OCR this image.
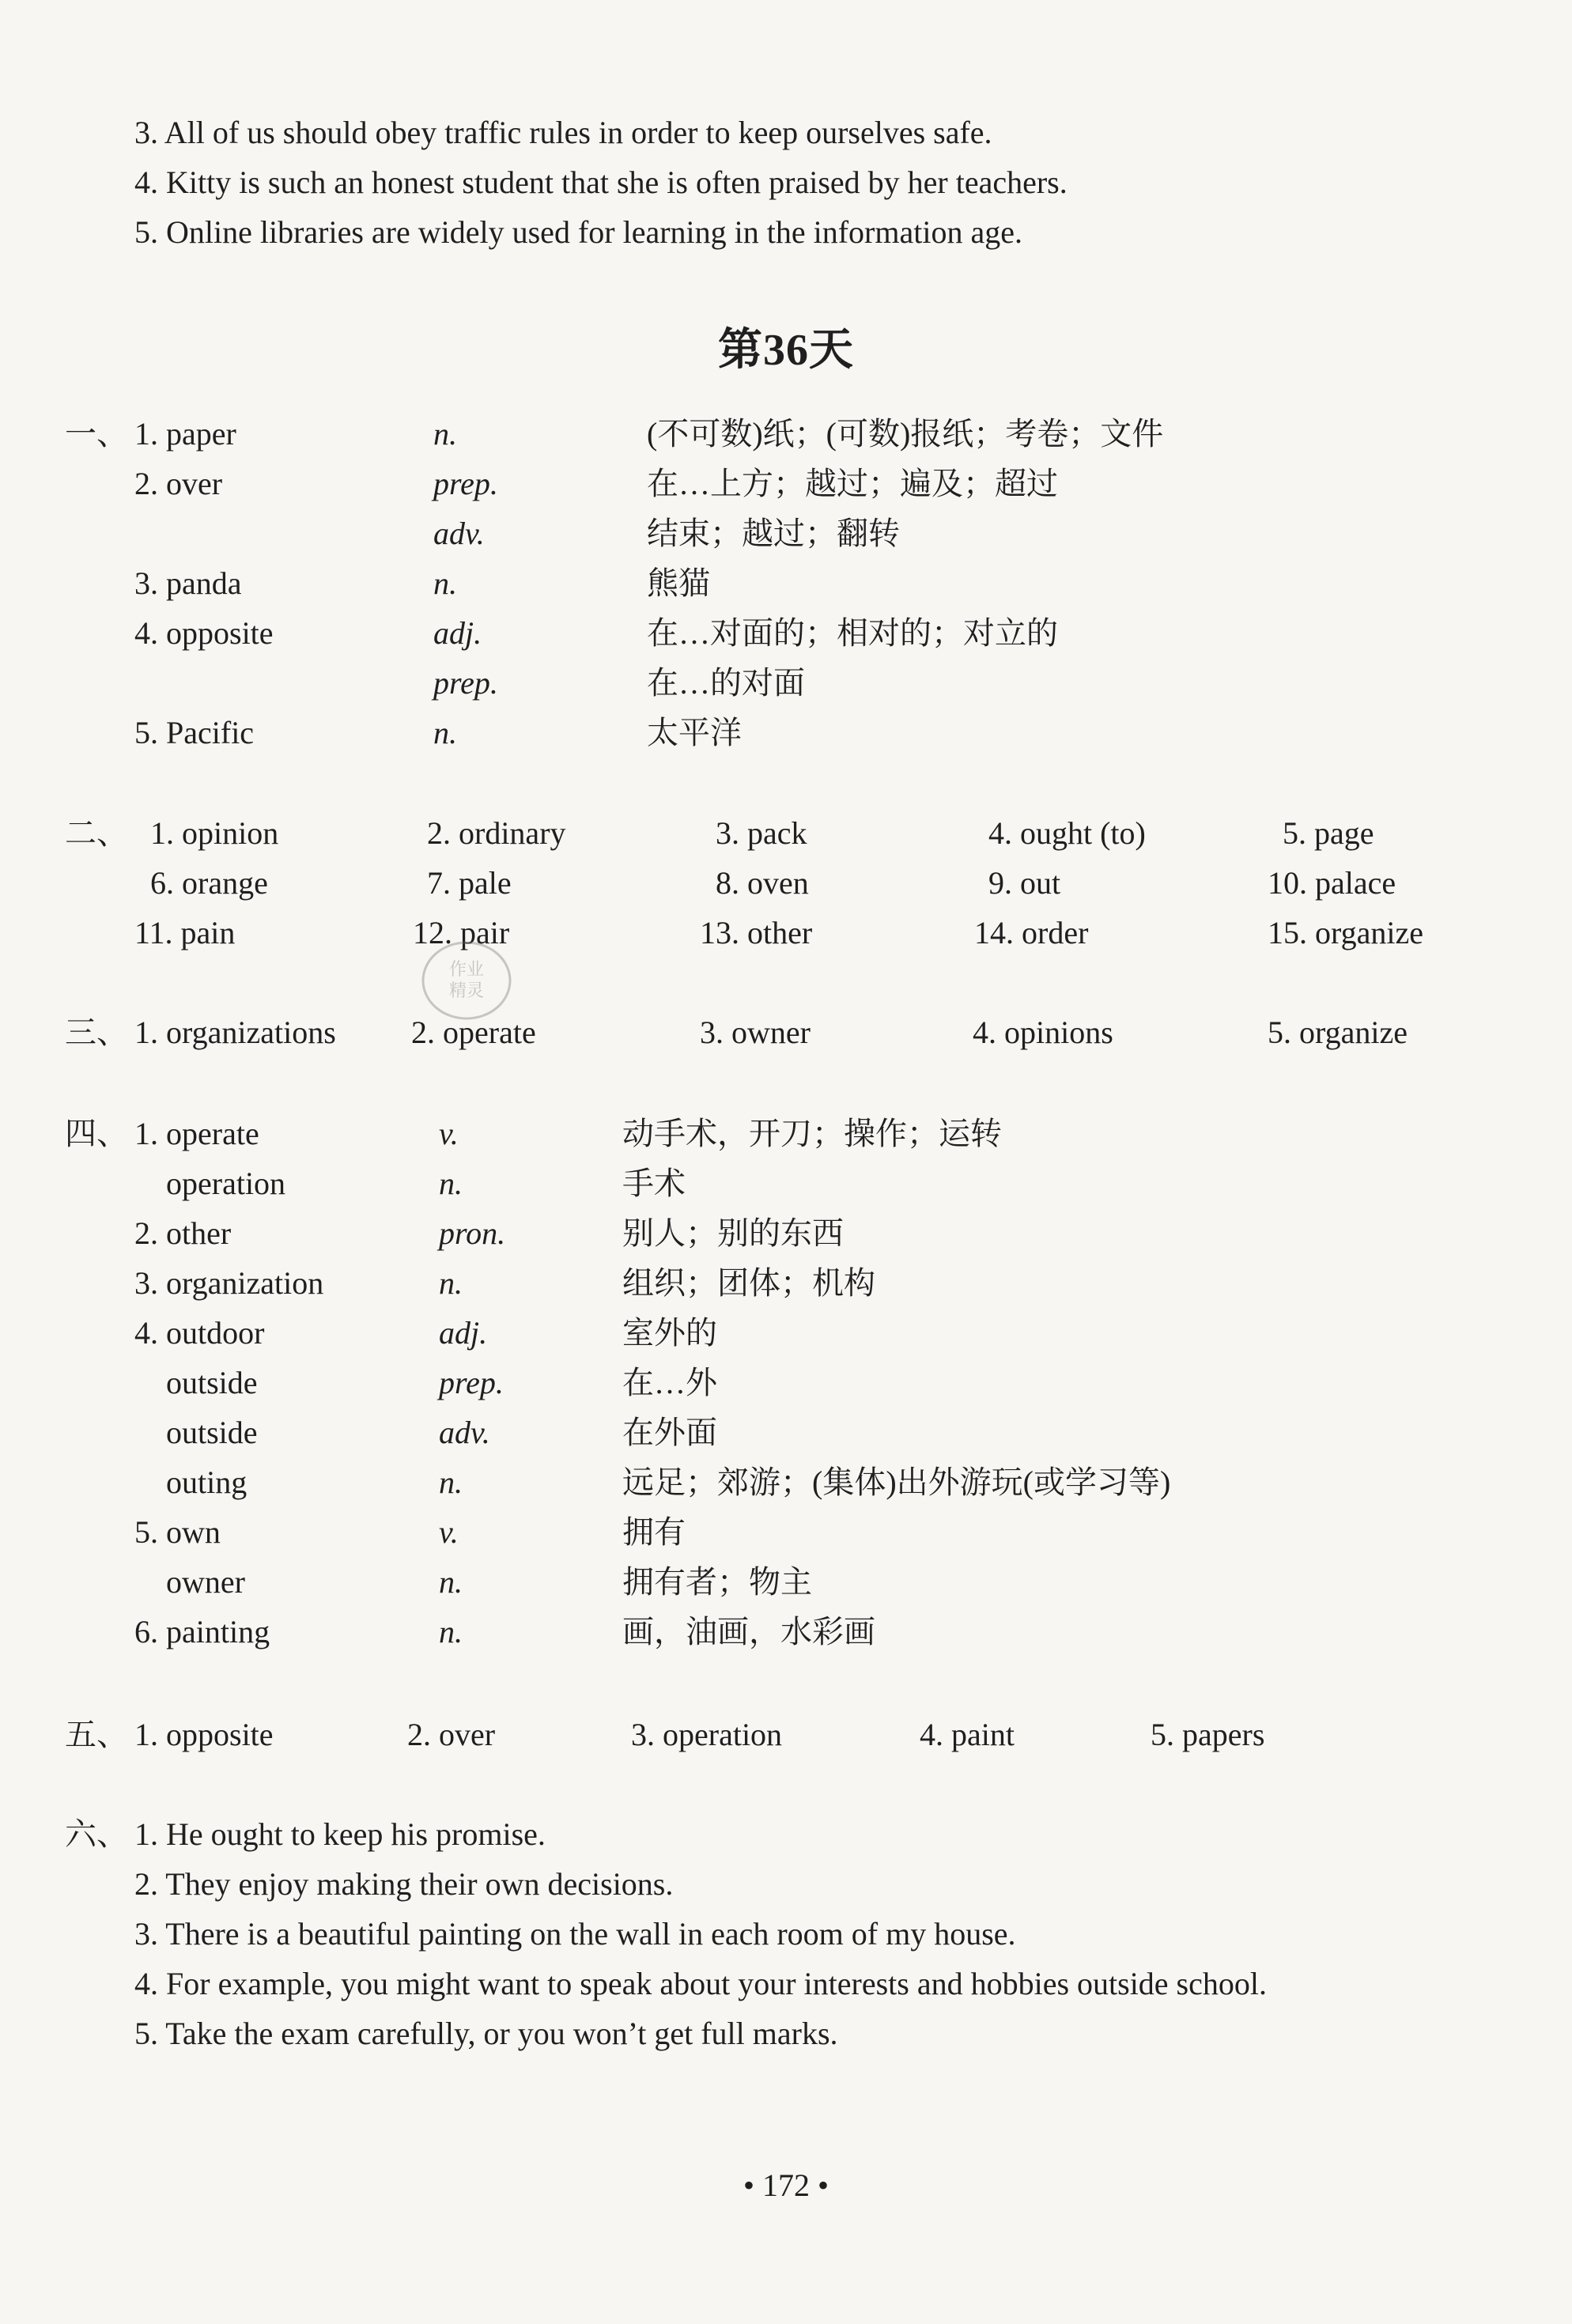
3. All of us should obey traffic rules in order to keep ourselves safe.
4. Kitty is such an honest student that she is often praised by her teachers.
5. Online libraries are widely used for learning in the information age.
第36天
一、 1. paper	n.	(不可数)纸；(可数)报纸；考卷；文件
2. over	prep.	在…上方；越过；遍及；超过
adv.	结束；越过；翻转
3. panda	n.	熊猫
4. opposite	adj.	在…对面的；相对的；对立的
prep.	在…的对面
5. Pacific	n.	太平洋
二、 1. opinion	2. ordinary	3. pack	4. ought (to)	5. page
6. orange	7. pale	8. oven	9. out	10. palace
11. pain	12. pair	13. other	14. order	15. organize
作业
精灵
三、 1. organizations 2. operate	3. owner	4. opinions	5. organize
四、 1. operate	v.	动手术，开刀；操作；运转
operation	n.	手术
2. other	pron.	别人；别的东西
3. organization	n.	组织；团体；机构
4. outdoor	adj.	室外的
outside	prep.	在…外
outside	adv.	在外面
outing	n.	远足；郊游；(集体)出外游玩(或学习等)
5. own	v.	拥有
owner	n.	拥有者；物主
6. painting	n.	画，油画，水彩画
五、 1. opposite	2. over	3. operation	4. paint	5. papers
六、 1. He ought to keep his promise.
2. They enjoy making their own decisions.
3. There is a beautiful painting on the wall in each room of my house.
4. For example, you might want to speak about your interests and hobbies outside school.
5. Take the exam carefully, or you won’t get full marks.
• 172 •
